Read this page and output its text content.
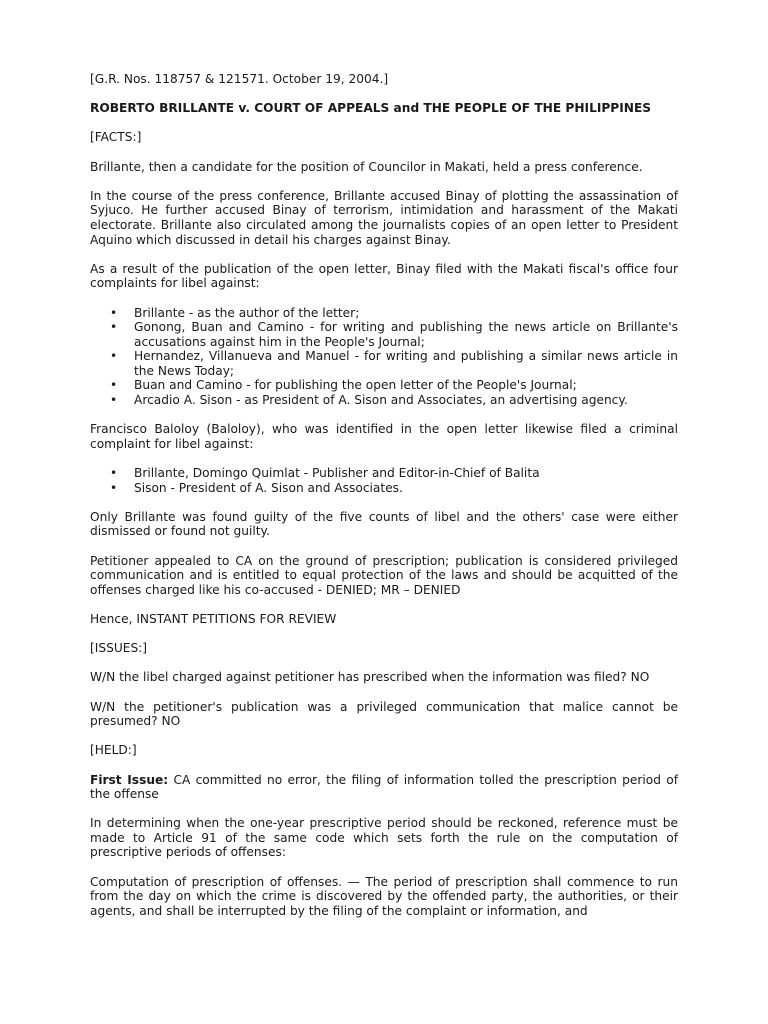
[G.R. Nos. 118757 & 121571. October 19, 2004.]

ROBERTO BRILLANTE v. COURT OF APPEALS and THE PEOPLE OF THE PHILIPPINES

[FACTS:]

Brillante, then a candidate for the position of Councilor in Makati, held a press conference.

In the course of the press conference, Brillante accused Binay of plotting the assassination of Syjuco. He further accused Binay of terrorism, intimidation and harassment of the Makati electorate. Brillante also circulated among the journalists copies of an open letter to President Aquino which discussed in detail his charges against Binay.

As a result of the publication of the open letter, Binay filed with the Makati fiscal's office four complaints for libel against:

• Brillante - as the author of the letter;
• Gonong, Buan and Camino - for writing and publishing the news article on Brillante's accusations against him in the People's Journal;
• Hernandez, Villanueva and Manuel - for writing and publishing a similar news article in the News Today;
• Buan and Camino - for publishing the open letter of the People's Journal;
• Arcadio A. Sison - as President of A. Sison and Associates, an advertising agency.

Francisco Baloloy (Baloloy), who was identified in the open letter likewise filed a criminal complaint for libel against:

• Brillante, Domingo Quimlat - Publisher and Editor-in-Chief of Balita
• Sison - President of A. Sison and Associates.

Only Brillante was found guilty of the five counts of libel and the others' case were either dismissed or found not guilty.

Petitioner appealed to CA on the ground of prescription; publication is considered privileged communication and is entitled to equal protection of the laws and should be acquitted of the offenses charged like his co-accused - DENIED; MR – DENIED

Hence, INSTANT PETITIONS FOR REVIEW

[ISSUES:]

W/N the libel charged against petitioner has prescribed when the information was filed? NO

W/N the petitioner's publication was a privileged communication that malice cannot be presumed? NO

[HELD:]

First Issue: CA committed no error, the filing of information tolled the prescription period of the offense

In determining when the one-year prescriptive period should be reckoned, reference must be made to Article 91 of the same code which sets forth the rule on the computation of prescriptive periods of offenses:

Computation of prescription of offenses. — The period of prescription shall commence to run from the day on which the crime is discovered by the offended party, the authorities, or their agents, and shall be interrupted by the filing of the complaint or information, and
